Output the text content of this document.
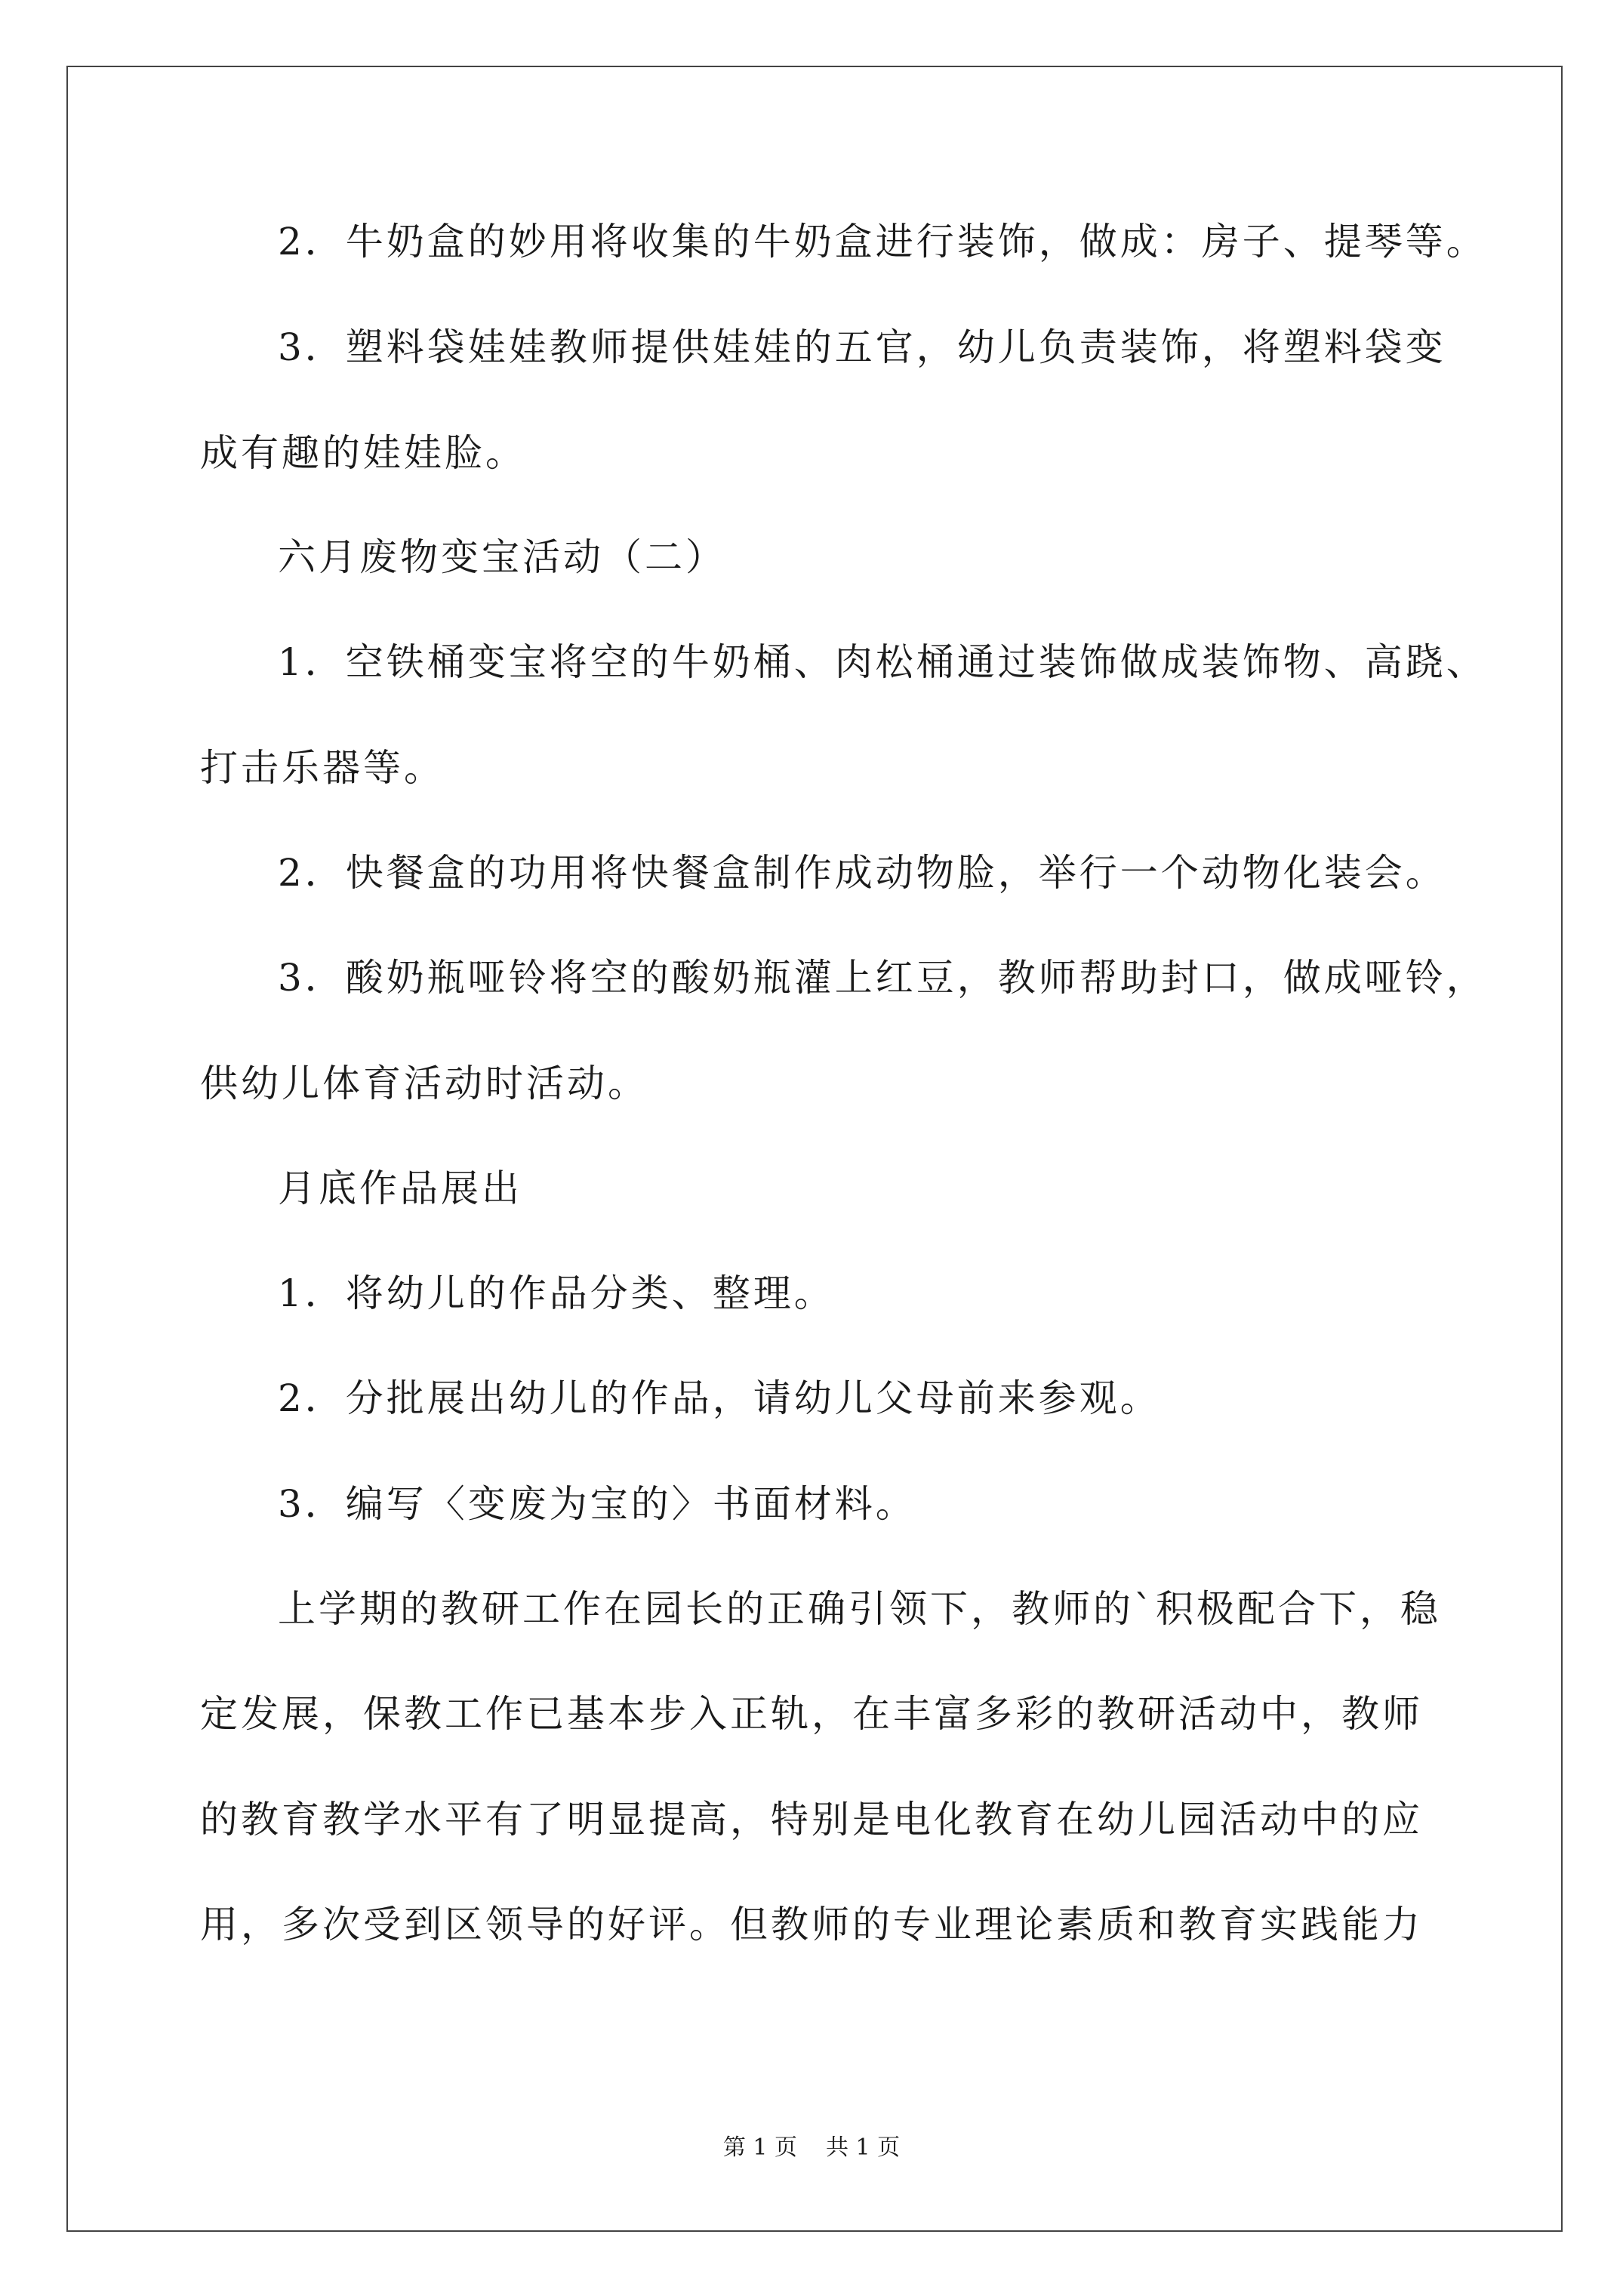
2．牛奶盒的妙用将收集的牛奶盒进行装饰，做成：房子、提琴等。
3．塑料袋娃娃教师提供娃娃的五官，幼儿负责装饰，将塑料袋变
成有趣的娃娃脸。
六月废物变宝活动（二）
1．空铁桶变宝将空的牛奶桶、肉松桶通过装饰做成装饰物、高跷、
打击乐器等。
2．快餐盒的功用将快餐盒制作成动物脸，举行一个动物化装会。
3．酸奶瓶哑铃将空的酸奶瓶灌上红豆，教师帮助封口，做成哑铃，
供幼儿体育活动时活动。
月底作品展出
1．将幼儿的作品分类、整理。
2．分批展出幼儿的作品，请幼儿父母前来参观。
3．编写〈变废为宝的〉书面材料。
上学期的教研工作在园长的正确引领下，教师的`积极配合下，稳
定发展，保教工作已基本步入正轨，在丰富多彩的教研活动中，教师
的教育教学水平有了明显提高，特别是电化教育在幼儿园活动中的应
用，多次受到区领导的好评。但教师的专业理论素质和教育实践能力
第 1 页 共 1 页
